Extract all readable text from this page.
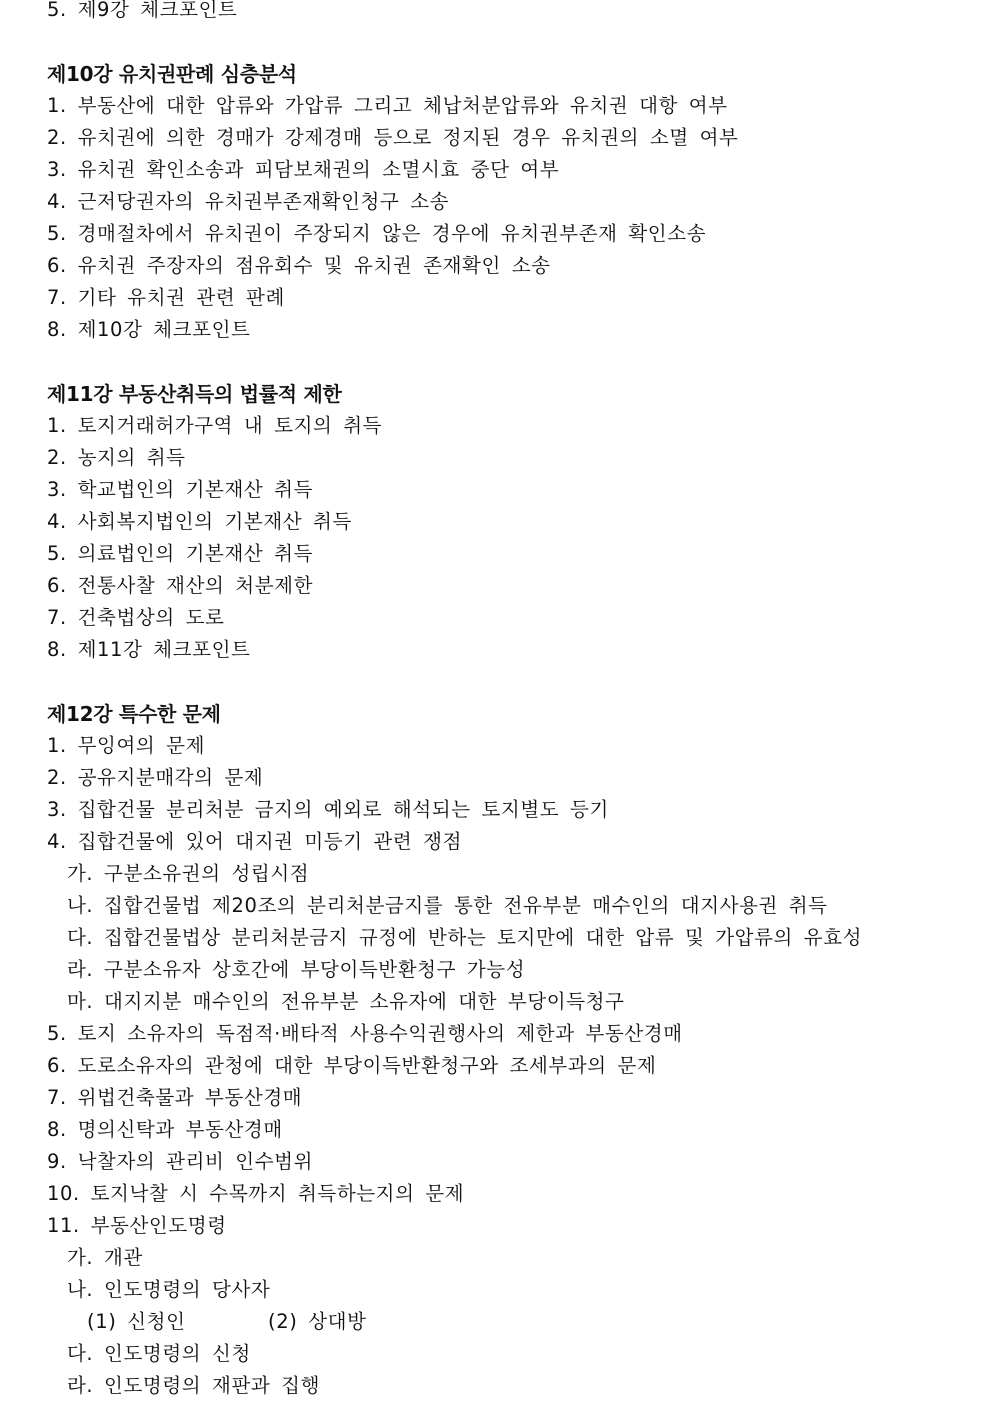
5. 제9강 체크포인트
제10강 유치권판례 심층분석
1. 부동산에 대한 압류와 가압류 그리고 체납처분압류와 유치권 대항 여부
2. 유치권에 의한 경매가 강제경매 등으로 정지된 경우 유치권의 소멸 여부
3. 유치권 확인소송과 피담보채권의 소멸시효 중단 여부
4. 근저당권자의 유치권부존재확인청구 소송
5. 경매절차에서 유치권이 주장되지 않은 경우에 유치권부존재 확인소송
6. 유치권 주장자의 점유회수 및 유치권 존재확인 소송
7. 기타 유치권 관련 판례
8. 제10강 체크포인트
제11강 부동산취득의 법률적 제한
1. 토지거래허가구역 내 토지의 취득
2. 농지의 취득
3. 학교법인의 기본재산 취득
4. 사회복지법인의 기본재산 취득
5. 의료법인의 기본재산 취득
6. 전통사찰 재산의 처분제한
7. 건축법상의 도로
8. 제11강 체크포인트
제12강 특수한 문제
1. 무잉여의 문제
2. 공유지분매각의 문제
3. 집합건물 분리처분 금지의 예외로 해석되는 토지별도 등기
4. 집합건물에 있어 대지권 미등기 관련 쟁점
가. 구분소유권의 성립시점
나. 집합건물법 제20조의 분리처분금지를 통한 전유부분 매수인의 대지사용권 취득
다. 집합건물법상 분리처분금지 규정에 반하는 토지만에 대한 압류 및 가압류의 유효성
라. 구분소유자 상호간에 부당이득반환청구 가능성
마. 대지지분 매수인의 전유부분 소유자에 대한 부당이득청구
5. 토지 소유자의 독점적·배타적 사용수익권행사의 제한과 부동산경매
6. 도로소유자의 관청에 대한 부당이득반환청구와 조세부과의 문제
7. 위법건축물과 부동산경매
8. 명의신탁과 부동산경매
9. 낙찰자의 관리비 인수범위
10. 토지낙찰 시 수목까지 취득하는지의 문제
11. 부동산인도명령
가. 개관
나. 인도명령의 당사자
(1) 신청인	(2) 상대방
다. 인도명령의 신청
라. 인도명령의 재판과 집행
